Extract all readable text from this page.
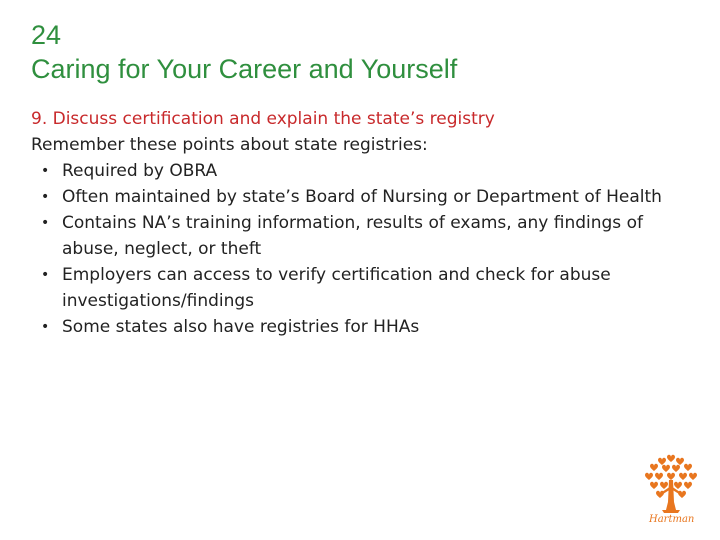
24
Caring for Your Career and Yourself

9. Discuss certification and explain the state’s registry

Remember these points about state registries:

• Required by OBRA
• Often maintained by state’s Board of Nursing or Department of Health
• Contains NA’s training information, results of exams, any findings of abuse, neglect, or theft
• Employers can access to verify certification and check for abuse investigations/findings
• Some states also have registries for HHAs
Hartman
